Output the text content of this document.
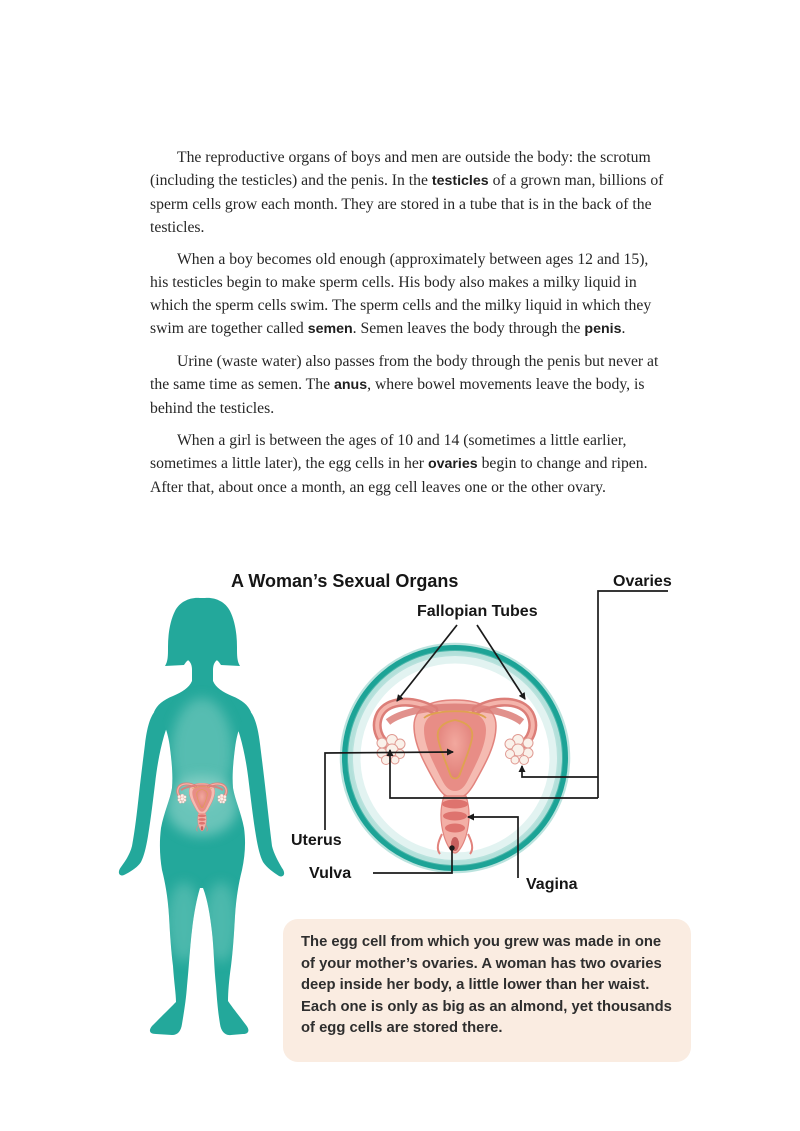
The reproductive organs of boys and men are outside the body: the scrotum (including the testicles) and the penis. In the testicles of a grown man, billions of sperm cells grow each month. They are stored in a tube that is in the back of the testicles.

When a boy becomes old enough (approximately between ages 12 and 15), his testicles begin to make sperm cells. His body also makes a milky liquid in which the sperm cells swim. The sperm cells and the milky liquid in which they swim are together called semen. Semen leaves the body through the penis.

Urine (waste water) also passes from the body through the penis but never at the same time as semen. The anus, where bowel movements leave the body, is behind the testicles.

When a girl is between the ages of 10 and 14 (sometimes a little earlier, sometimes a little later), the egg cells in her ovaries begin to change and ripen. After that, about once a month, an egg cell leaves one or the other ovary.

A Woman’s Sexual Organs	Ovaries
Fallopian Tubes
Uterus
Vulva
Vagina

The egg cell from which you grew was made in one of your mother’s ovaries. A woman has two ovaries deep inside her body, a little lower than her waist. Each one is only as big as an almond, yet thousands of egg cells are stored there.
